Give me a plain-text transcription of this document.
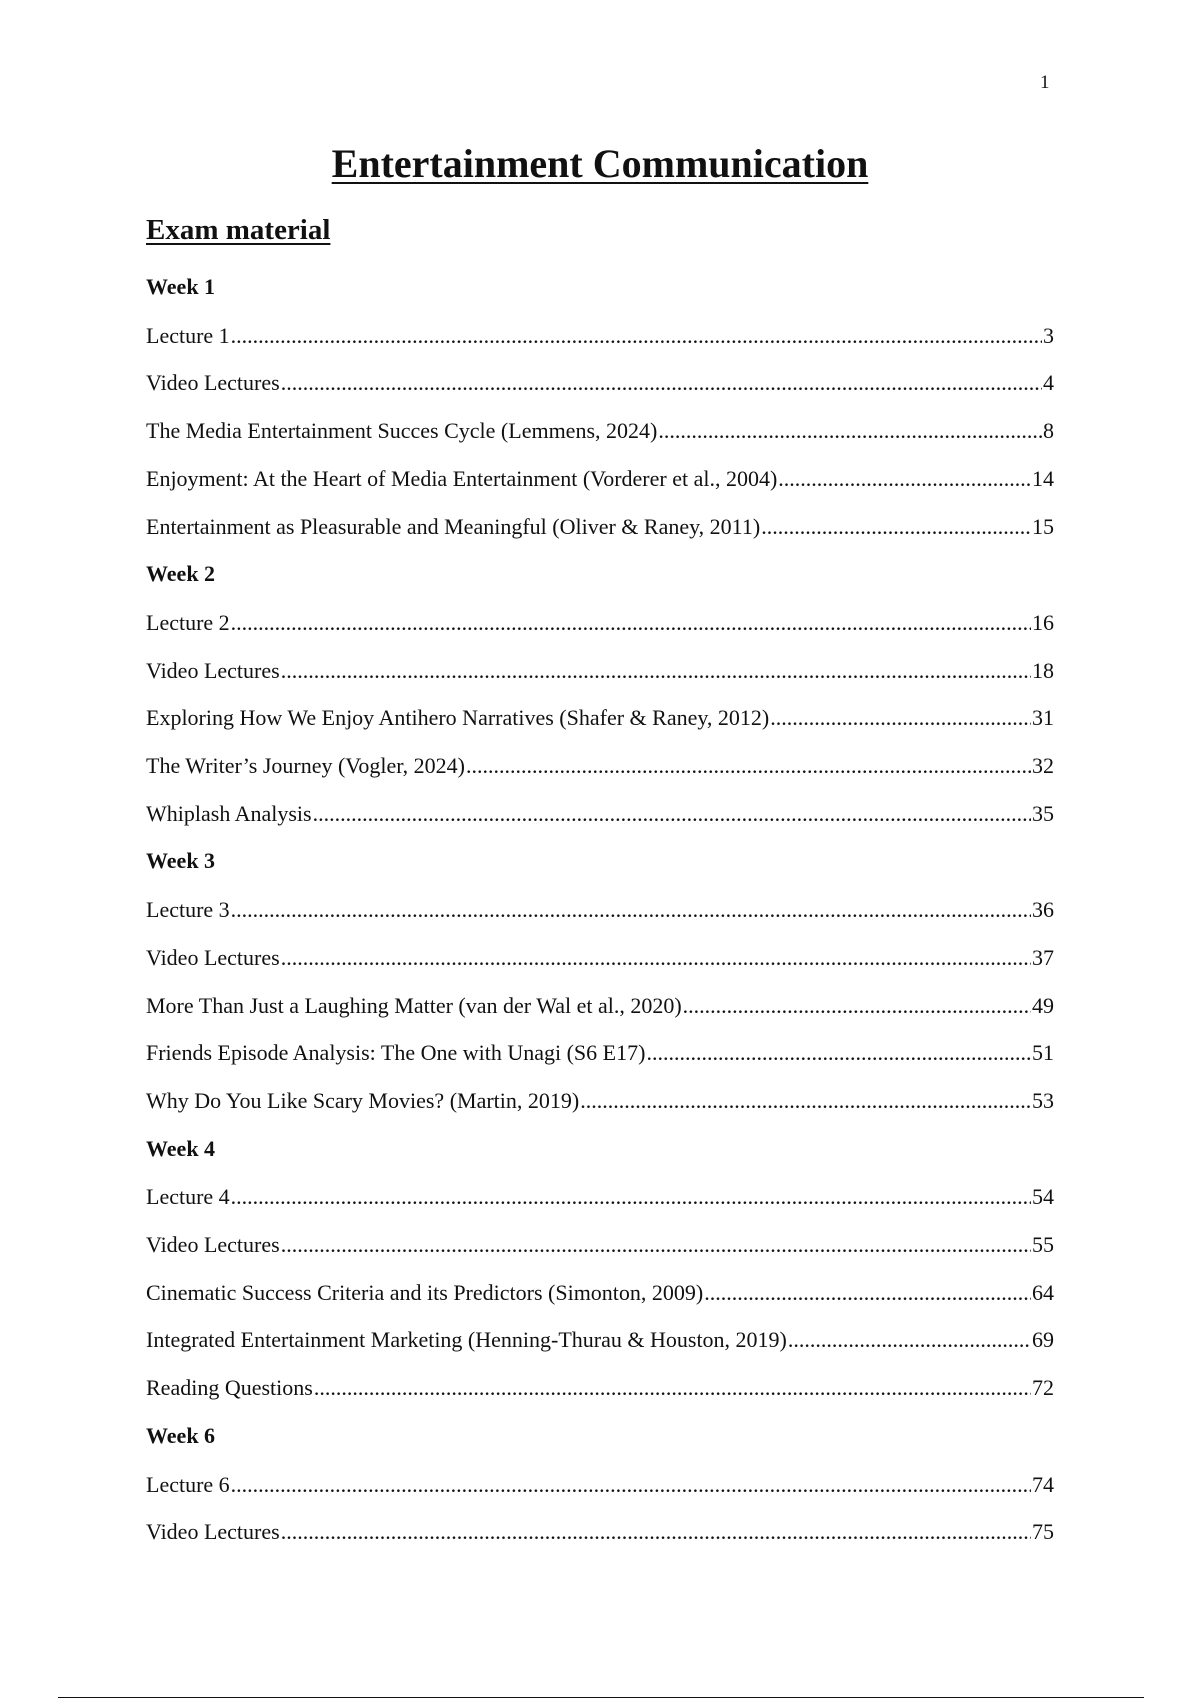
1
Entertainment Communication
Exam material
Week 1
Lecture 1 .....	3
Video Lectures .....	4
The Media Entertainment Succes Cycle (Lemmens, 2024) .....	8
Enjoyment: At the Heart of Media Entertainment (Vorderer et al., 2004) .....	14
Entertainment as Pleasurable and Meaningful (Oliver & Raney, 2011) .....	15
Week 2
Lecture 2 .....	16
Video Lectures .....	18
Exploring How We Enjoy Antihero Narratives (Shafer & Raney, 2012) .....	31
The Writer’s Journey (Vogler, 2024) .....	32
Whiplash Analysis .....	35
Week 3
Lecture 3 .....	36
Video Lectures .....	37
More Than Just a Laughing Matter (van der Wal et al., 2020) .....	49
Friends Episode Analysis: The One with Unagi (S6 E17) .....	51
Why Do You Like Scary Movies? (Martin, 2019) .....	53
Week 4
Lecture 4 .....	54
Video Lectures .....	55
Cinematic Success Criteria and its Predictors (Simonton, 2009) .....	64
Integrated Entertainment Marketing (Henning-Thurau & Houston, 2019) .....	69
Reading Questions .....	72
Week 6
Lecture 6 .....	74
Video Lectures .....	75
